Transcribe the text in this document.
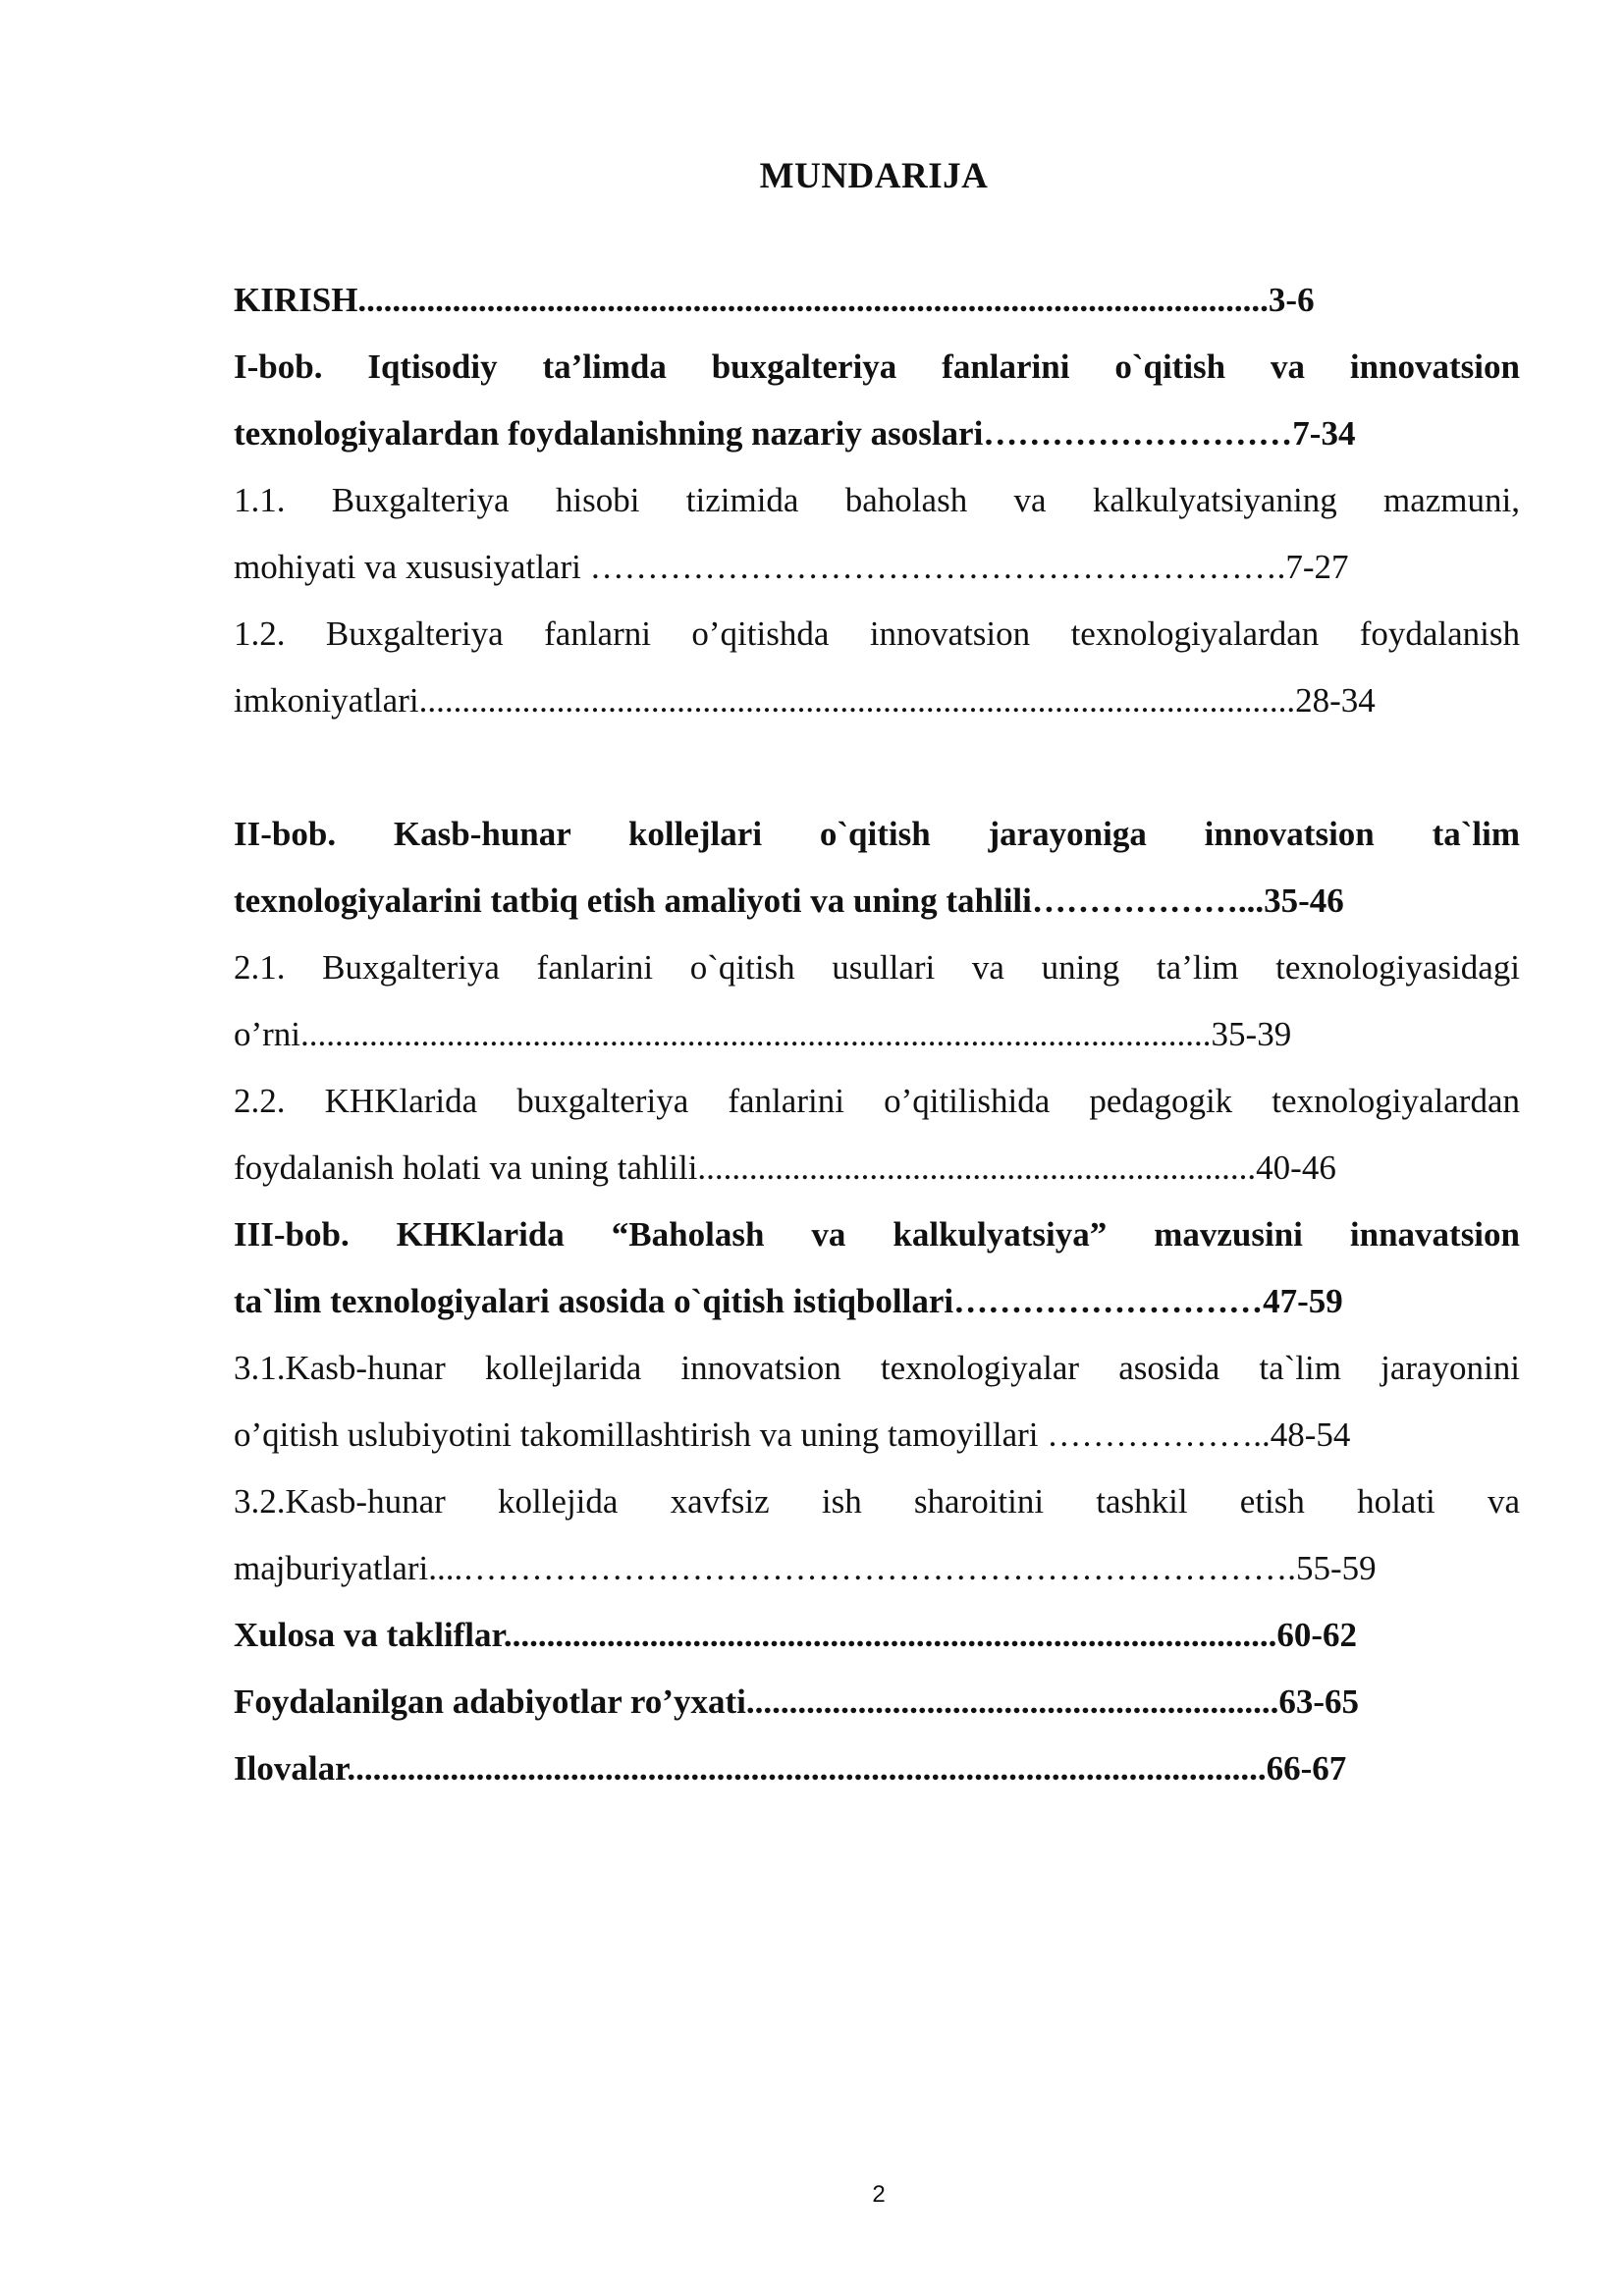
MUNDARIJA
KIRISH..........................................................................................................3-6
I-bob. Iqtisodiy ta’limda buxgalteriya fanlarini o`qitish va innovatsion
texnologiyalardan foydalanishning nazariy asoslari………………………7-34
1.1. Buxgalteriya hisobi tizimida baholash va kalkulyatsiyaning mazmuni,
mohiyati va xususiyatlari …………………………………………………….7-27
1.2. Buxgalteriya fanlarni o’qitishda innovatsion texnologiyalardan foydalanish
imkoniyatlari......................................................................................................28-34
II-bob. Kasb-hunar kollejlari o`qitish jarayoniga innovatsion ta`lim
texnologiyalarini tatbiq etish amaliyoti va uning tahlili………………...35-46
2.1. Buxgalteriya fanlarini o`qitish usullari va uning ta’lim texnologiyasidagi
o’rni..........................................................................................................35-39
2.2. KHKlarida buxgalteriya fanlarini o’qitilishida pedagogik texnologiyalardan
foydalanish holati va uning tahlili.................................................................40-46
III-bob. KHKlarida “Baholash va kalkulyatsiya” mavzusini innavatsion
ta`lim texnologiyalari asosida o`qitish istiqbollari………………………47-59
3.1.Kasb-hunar kollejlarida innovatsion texnologiyalar asosida ta`lim jarayonini
o’qitish uslubiyotini takomillashtirish va uning tamoyillari ………………..48-54
3.2.Kasb-hunar kollejida xavfsiz ish sharoitini tashkil etish holati va
majburiyatlari....……………………………………………………………….55-59
Xulosa va takliflar..........................................................................................60-62
Foydalanilgan adabiyotlar ro’yxati..............................................................63-65
Ilovalar...........................................................................................................66-67
2
